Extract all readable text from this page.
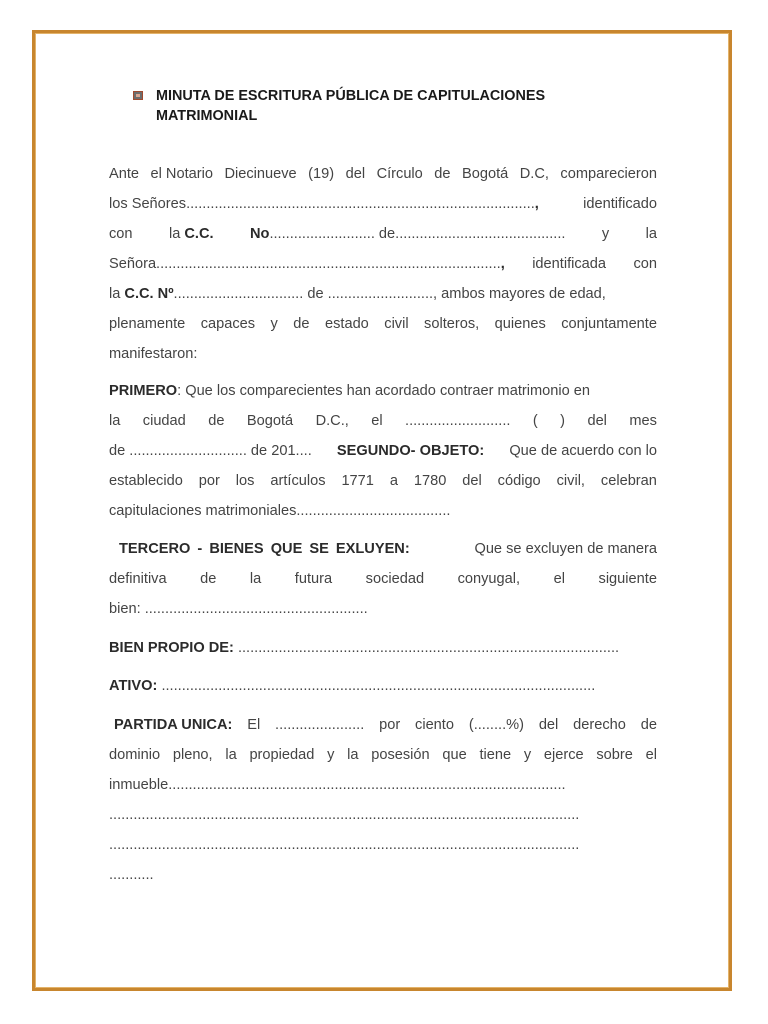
MINUTA DE ESCRITURA PÚBLICA DE CAPITULACIONES
MATRIMONIAL
Ante el Notario Diecinueve (19) del Círculo de Bogotá D.C, comparecieron
los Señores......................................................................................,	identificado
con la C.C. No.......................... de.......................................... y la
Señora....................................................................................., identificada con
la C.C. Nº................................ de .........................., ambos mayores de edad,
plenamente capaces y de estado civil solteros, quienes conjuntamente
manifestaron:
PRIMERO: Que los comparecientes han acordado contraer matrimonio en
la ciudad de Bogotá D.C., el .......................... ( ) del mes
de ............................. de 201.... SEGUNDO- OBJETO: Que de acuerdo con lo
establecido por los artículos 1771 a 1780 del código civil, celebran
capitulaciones matrimoniales......................................
TERCERO - BIENES QUE SE EXLUYEN:	Que se excluyen de manera
definitiva de la futura sociedad conyugal, el siguiente
bien: .......................................................
BIEN PROPIO DE: ..............................................................................................
ATIVO: ...........................................................................................................
PARTIDA UNICA: El ...................... por ciento (........%) del derecho de
dominio pleno, la propiedad y la posesión que tiene y ejerce sobre el
inmueble..................................................................................................
....................................................................................................................
....................................................................................................................
...........
